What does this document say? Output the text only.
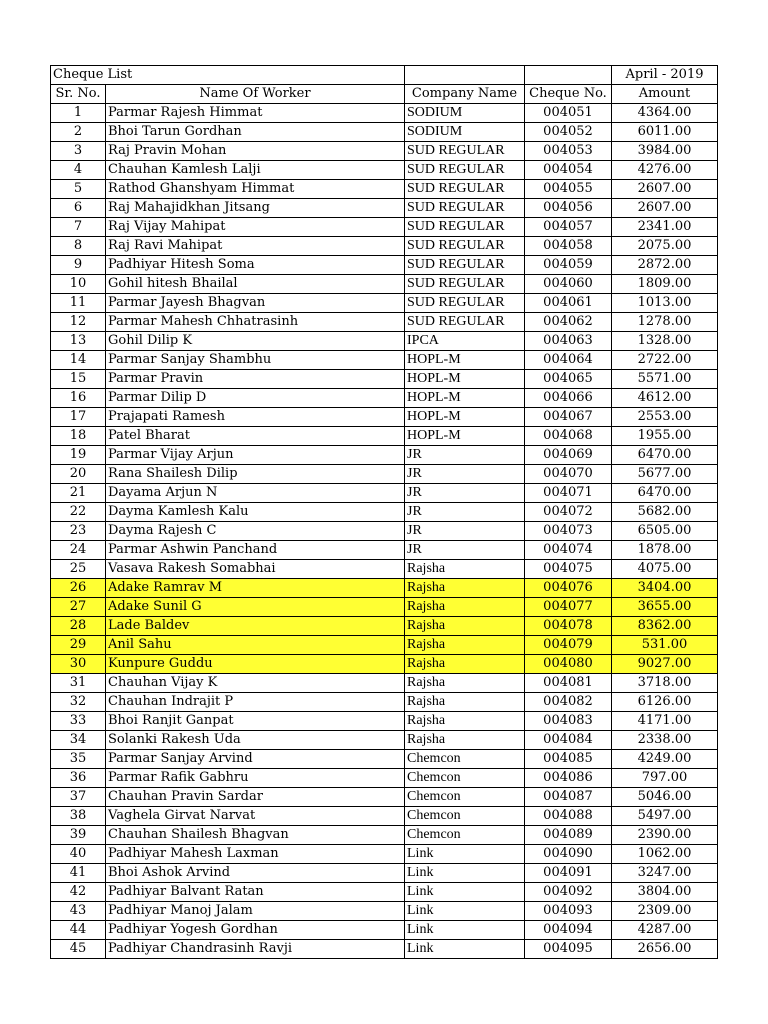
Cheque List				April - 2019
Sr. No.	Name Of Worker	Company Name	Cheque No.	Amount
1	Parmar Rajesh Himmat	SODIUM	004051	4364.00
2	Bhoi Tarun Gordhan	SODIUM	004052	6011.00
3	Raj Pravin Mohan	SUD REGULAR	004053	3984.00
4	Chauhan Kamlesh Lalji	SUD REGULAR	004054	4276.00
5	Rathod Ghanshyam Himmat	SUD REGULAR	004055	2607.00
6	Raj Mahajidkhan Jitsang	SUD REGULAR	004056	2607.00
7	Raj Vijay Mahipat	SUD REGULAR	004057	2341.00
8	Raj Ravi Mahipat	SUD REGULAR	004058	2075.00
9	Padhiyar Hitesh Soma	SUD REGULAR	004059	2872.00
10	Gohil hitesh Bhailal	SUD REGULAR	004060	1809.00
11	Parmar Jayesh Bhagvan	SUD REGULAR	004061	1013.00
12	Parmar Mahesh Chhatrasinh	SUD REGULAR	004062	1278.00
13	Gohil Dilip K	IPCA	004063	1328.00
14	Parmar Sanjay Shambhu	HOPL-M	004064	2722.00
15	Parmar Pravin	HOPL-M	004065	5571.00
16	Parmar Dilip D	HOPL-M	004066	4612.00
17	Prajapati Ramesh	HOPL-M	004067	2553.00
18	Patel Bharat	HOPL-M	004068	1955.00
19	Parmar Vijay Arjun	JR	004069	6470.00
20	Rana Shailesh Dilip	JR	004070	5677.00
21	Dayama Arjun N	JR	004071	6470.00
22	Dayma Kamlesh Kalu	JR	004072	5682.00
23	Dayma Rajesh C	JR	004073	6505.00
24	Parmar Ashwin Panchand	JR	004074	1878.00
25	Vasava Rakesh Somabhai	Rajsha	004075	4075.00
26	Adake Ramrav M	Rajsha	004076	3404.00
27	Adake Sunil G	Rajsha	004077	3655.00
28	Lade Baldev	Rajsha	004078	8362.00
29	Anil Sahu	Rajsha	004079	531.00
30	Kunpure Guddu	Rajsha	004080	9027.00
31	Chauhan Vijay K	Rajsha	004081	3718.00
32	Chauhan Indrajit P	Rajsha	004082	6126.00
33	Bhoi Ranjit Ganpat	Rajsha	004083	4171.00
34	Solanki Rakesh Uda	Rajsha	004084	2338.00
35	Parmar Sanjay Arvind	Chemcon	004085	4249.00
36	Parmar Rafik Gabhru	Chemcon	004086	797.00
37	Chauhan Pravin Sardar	Chemcon	004087	5046.00
38	Vaghela Girvat Narvat	Chemcon	004088	5497.00
39	Chauhan Shailesh Bhagvan	Chemcon	004089	2390.00
40	Padhiyar Mahesh Laxman	Link	004090	1062.00
41	Bhoi Ashok Arvind	Link	004091	3247.00
42	Padhiyar Balvant Ratan	Link	004092	3804.00
43	Padhiyar Manoj Jalam	Link	004093	2309.00
44	Padhiyar Yogesh Gordhan	Link	004094	4287.00
45	Padhiyar Chandrasinh Ravji	Link	004095	2656.00
